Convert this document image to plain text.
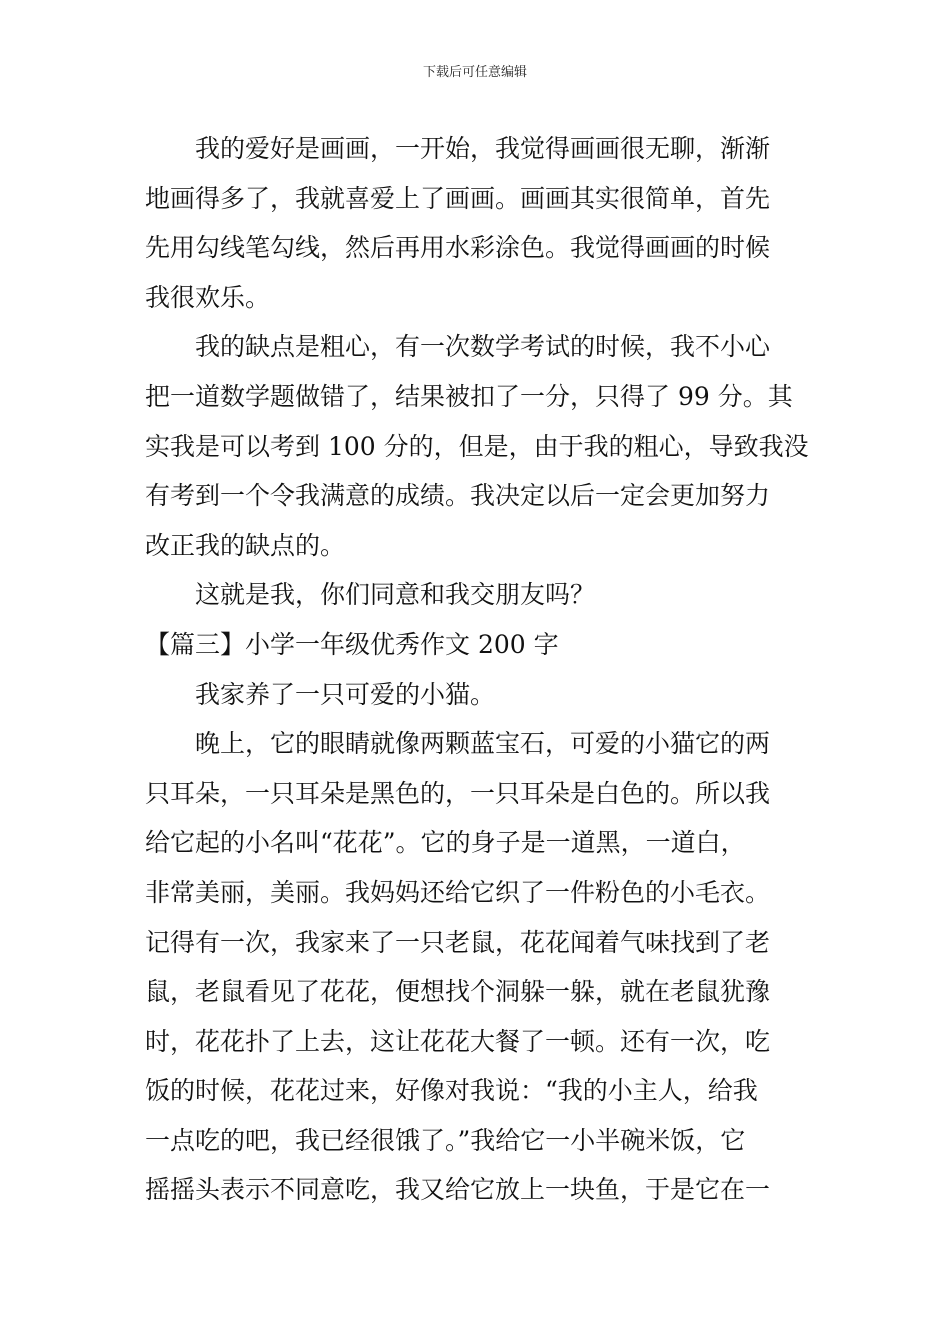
下载后可任意编辑

我的爱好是画画，一开始，我觉得画画很无聊，渐渐
地画得多了，我就喜爱上了画画。画画其实很简单，首先
先用勾线笔勾线，然后再用水彩涂色。我觉得画画的时候
我很欢乐。

我的缺点是粗心，有一次数学考试的时候，我不小心
把一道数学题做错了，结果被扣了一分，只得了 99 分。其
实我是可以考到 100 分的，但是，由于我的粗心，导致我没
有考到一个令我满意的成绩。我决定以后一定会更加努力
改正我的缺点的。

这就是我，你们同意和我交朋友吗？

【篇三】小学一年级优秀作文 200 字

我家养了一只可爱的小猫。

晚上，它的眼睛就像两颗蓝宝石，可爱的小猫它的两
只耳朵，一只耳朵是黑色的，一只耳朵是白色的。所以我
给它起的小名叫“花花”。它的身子是一道黑，一道白，
非常美丽，美丽。我妈妈还给它织了一件粉色的小毛衣。
记得有一次，我家来了一只老鼠，花花闻着气味找到了老
鼠，老鼠看见了花花，便想找个洞躲一躲，就在老鼠犹豫
时，花花扑了上去，这让花花大餐了一顿。还有一次，吃
饭的时候，花花过来，好像对我说：“我的小主人，给我
一点吃的吧，我已经很饿了。”我给它一小半碗米饭，它
摇摇头表示不同意吃，我又给它放上一块鱼，于是它在一
